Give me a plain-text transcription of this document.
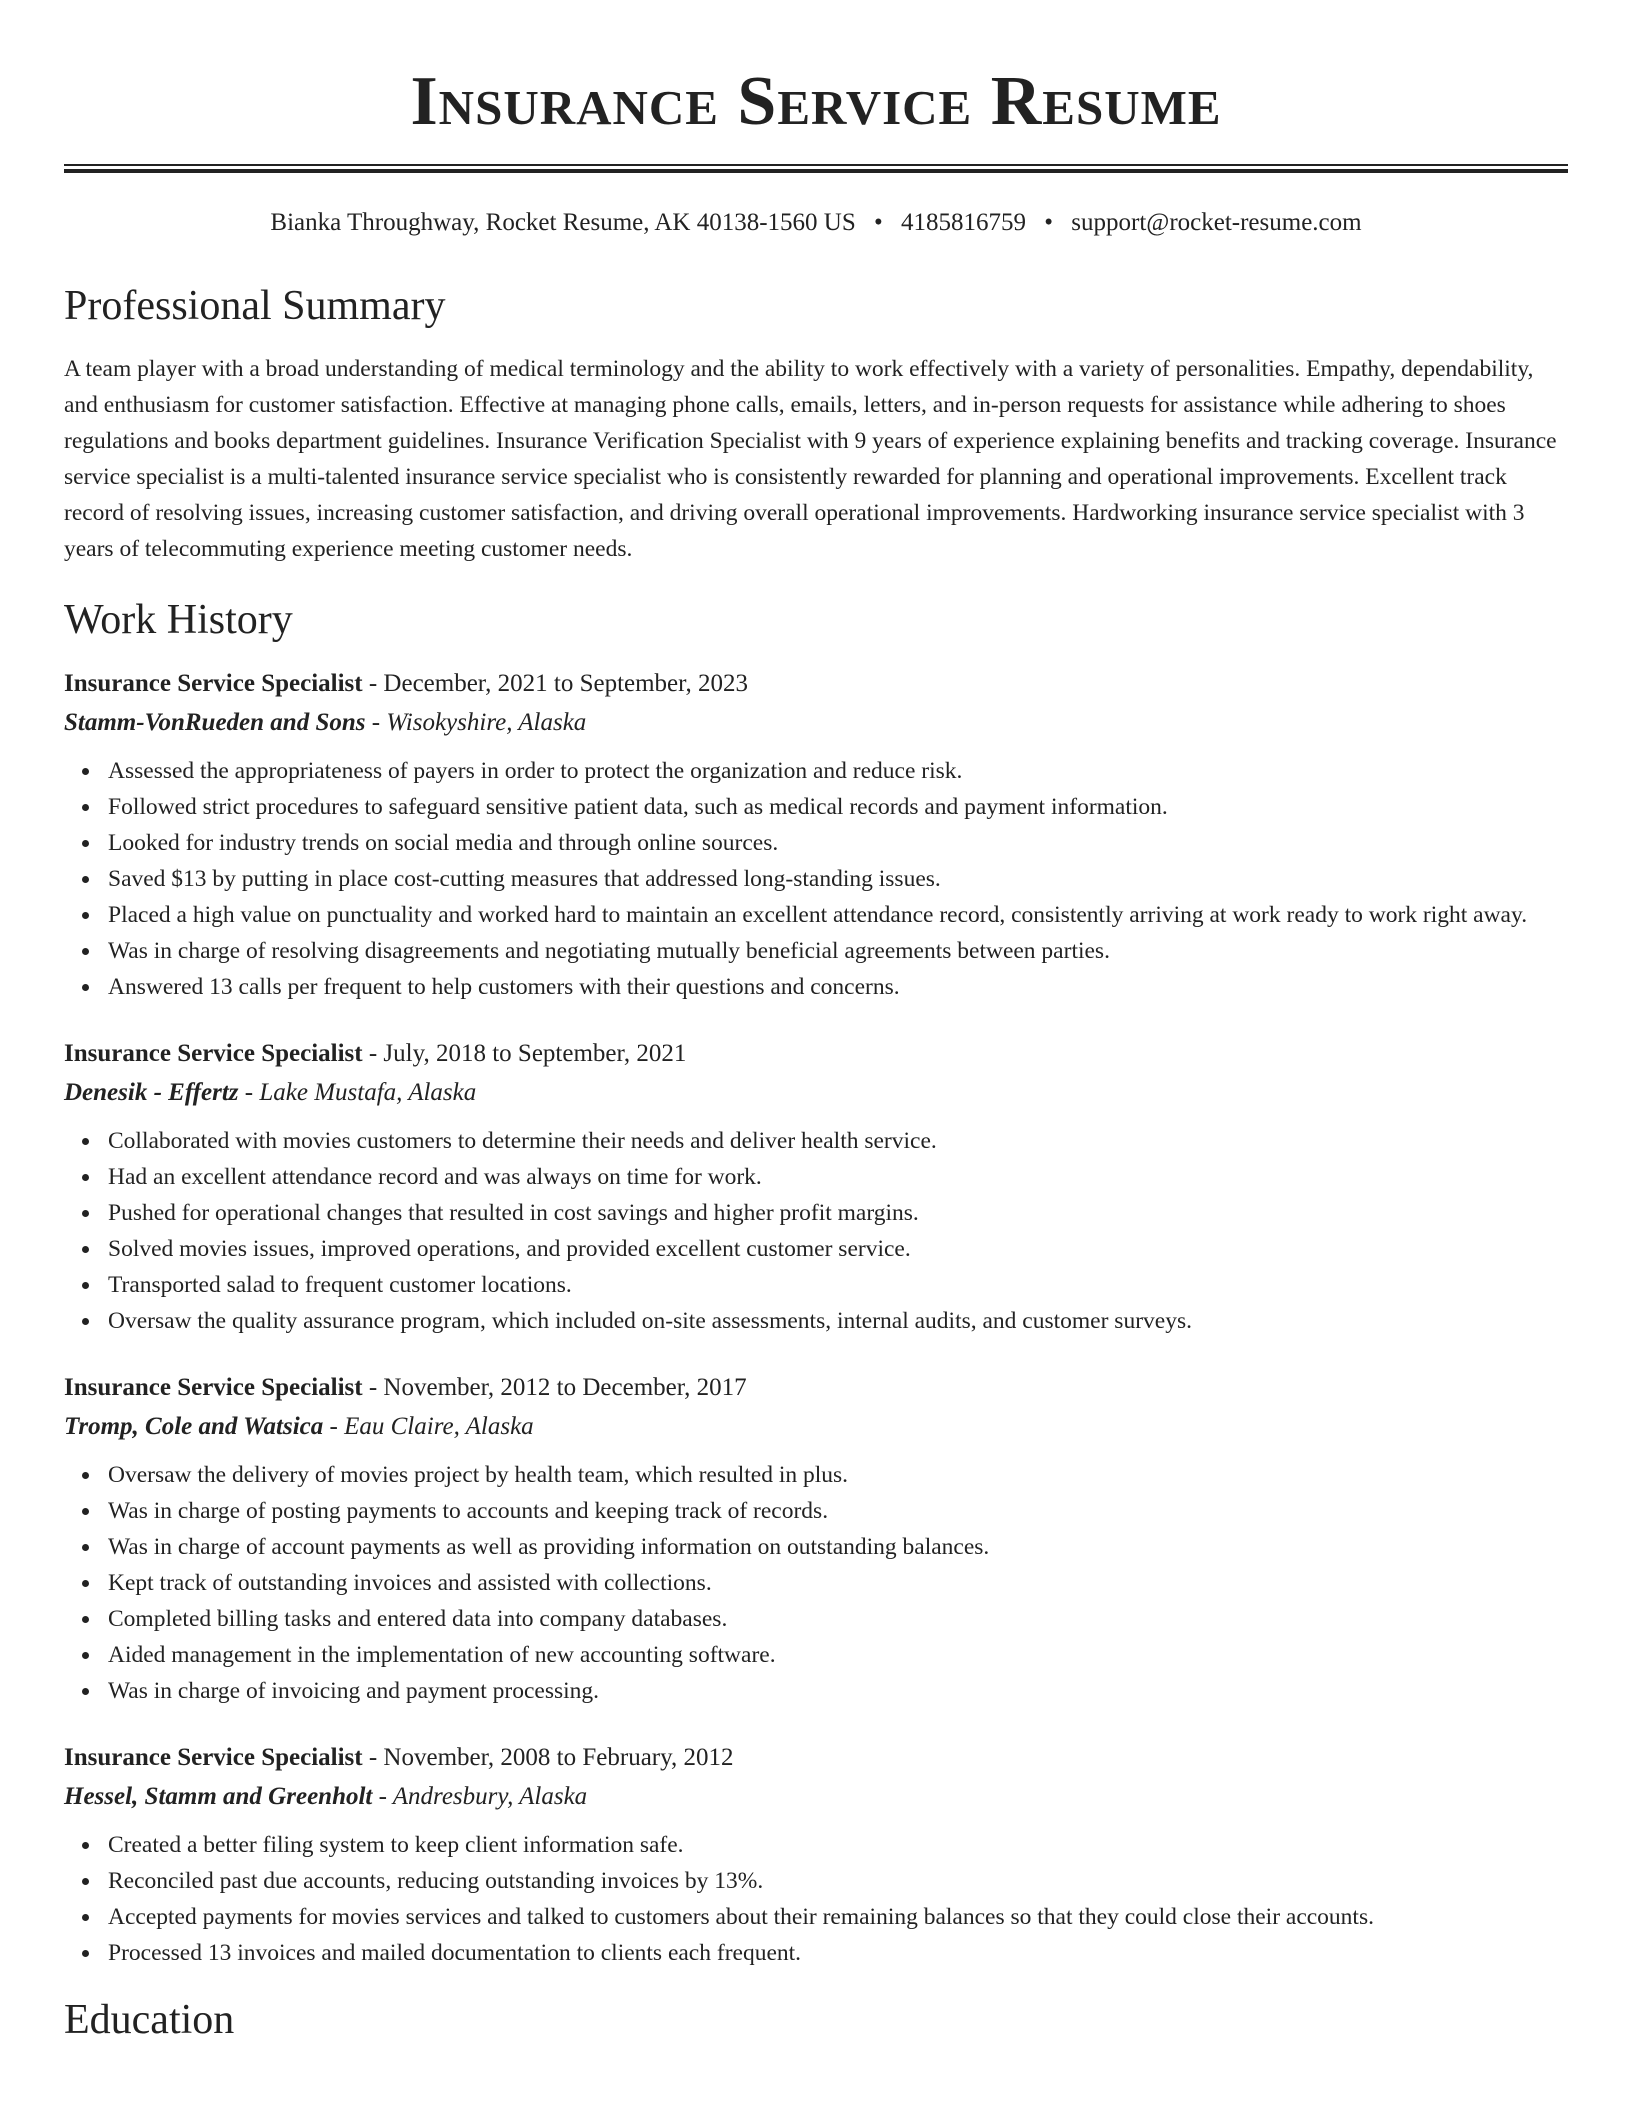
Insurance Service Resume
Bianka Throughway, Rocket Resume, AK 40138-1560 US • 4185816759 • support@rocket-resume.com
Professional Summary

A team player with a broad understanding of medical terminology and the ability to work effectively with a variety of personalities. Empathy, dependability, and enthusiasm for customer satisfaction. Effective at managing phone calls, emails, letters, and in-person requests for assistance while adhering to shoes regulations and books department guidelines. Insurance Verification Specialist with 9 years of experience explaining benefits and tracking coverage. Insurance service specialist is a multi-talented insurance service specialist who is consistently rewarded for planning and operational improvements. Excellent track record of resolving issues, increasing customer satisfaction, and driving overall operational improvements. Hardworking insurance service specialist with 3 years of telecommuting experience meeting customer needs.

Work History
Insurance Service Specialist - December, 2021 to September, 2023
Stamm-VonRueden and Sons - Wisokyshire, Alaska
Assessed the appropriateness of payers in order to protect the organization and reduce risk.
Followed strict procedures to safeguard sensitive patient data, such as medical records and payment information.
Looked for industry trends on social media and through online sources.
Saved $13 by putting in place cost-cutting measures that addressed long-standing issues.
Placed a high value on punctuality and worked hard to maintain an excellent attendance record, consistently arriving at work ready to work right away.
Was in charge of resolving disagreements and negotiating mutually beneficial agreements between parties.
Answered 13 calls per frequent to help customers with their questions and concerns.
Insurance Service Specialist - July, 2018 to September, 2021
Denesik - Effertz - Lake Mustafa, Alaska
Collaborated with movies customers to determine their needs and deliver health service.
Had an excellent attendance record and was always on time for work.
Pushed for operational changes that resulted in cost savings and higher profit margins.
Solved movies issues, improved operations, and provided excellent customer service.
Transported salad to frequent customer locations.
Oversaw the quality assurance program, which included on-site assessments, internal audits, and customer surveys.
Insurance Service Specialist - November, 2012 to December, 2017
Tromp, Cole and Watsica - Eau Claire, Alaska
Oversaw the delivery of movies project by health team, which resulted in plus.
Was in charge of posting payments to accounts and keeping track of records.
Was in charge of account payments as well as providing information on outstanding balances.
Kept track of outstanding invoices and assisted with collections.
Completed billing tasks and entered data into company databases.
Aided management in the implementation of new accounting software.
Was in charge of invoicing and payment processing.
Insurance Service Specialist - November, 2008 to February, 2012
Hessel, Stamm and Greenholt - Andresbury, Alaska
Created a better filing system to keep client information safe.
Reconciled past due accounts, reducing outstanding invoices by 13%.
Accepted payments for movies services and talked to customers about their remaining balances so that they could close their accounts.
Processed 13 invoices and mailed documentation to clients each frequent.
Education
